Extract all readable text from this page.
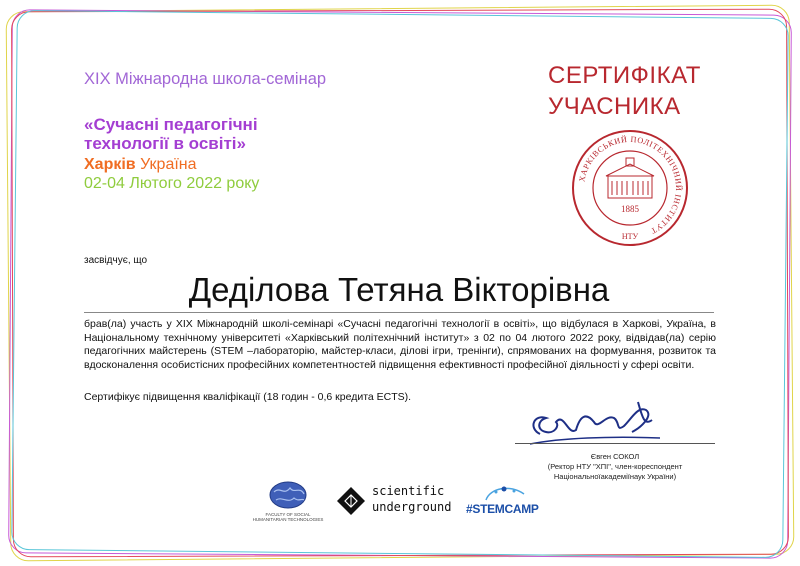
XIX Міжнародна школа-семінар
«Сучасні педагогічні технології в освіті»
Харків Україна
02-04 Лютого 2022 року
СЕРТИФІКАТ
УЧАСНИКА
ХАРКІВСЬКИЙ ПОЛІТЕХНІЧНИЙ ІНСТИТУТ
1885
НТУ
засвідчує, що
Деділова Тетяна Вікторівна
брав(ла) участь у XIX Міжнародній школі-семінарі «Сучасні педагогічні технології в освіті», що відбулася в Харкові, Україна, в Національному технічному університеті «Харківський політехнічний інститут» з 02 по 04 лютого 2022 року, відвідав(ла) серію педагогічних майстерень (STEM –лабораторію, майстер-класи, ділові ігри, тренінги), спрямованих на формування, розвиток та вдосконалення особистісних професійних компетентностей підвищення ефективності професійної діяльності у сфері освіти.
Сертифікує підвищення кваліфікації (18 годин - 0,6 кредита ECTS).
Євген СОКОЛ
(Ректор НТУ "ХПІ", член-кореспондент
Національноїакадеміїнаук України)
FACULTY OF SOCIAL HUMANITARIAN TECHNOLOGIES
scientific
underground #STEMCAMP
